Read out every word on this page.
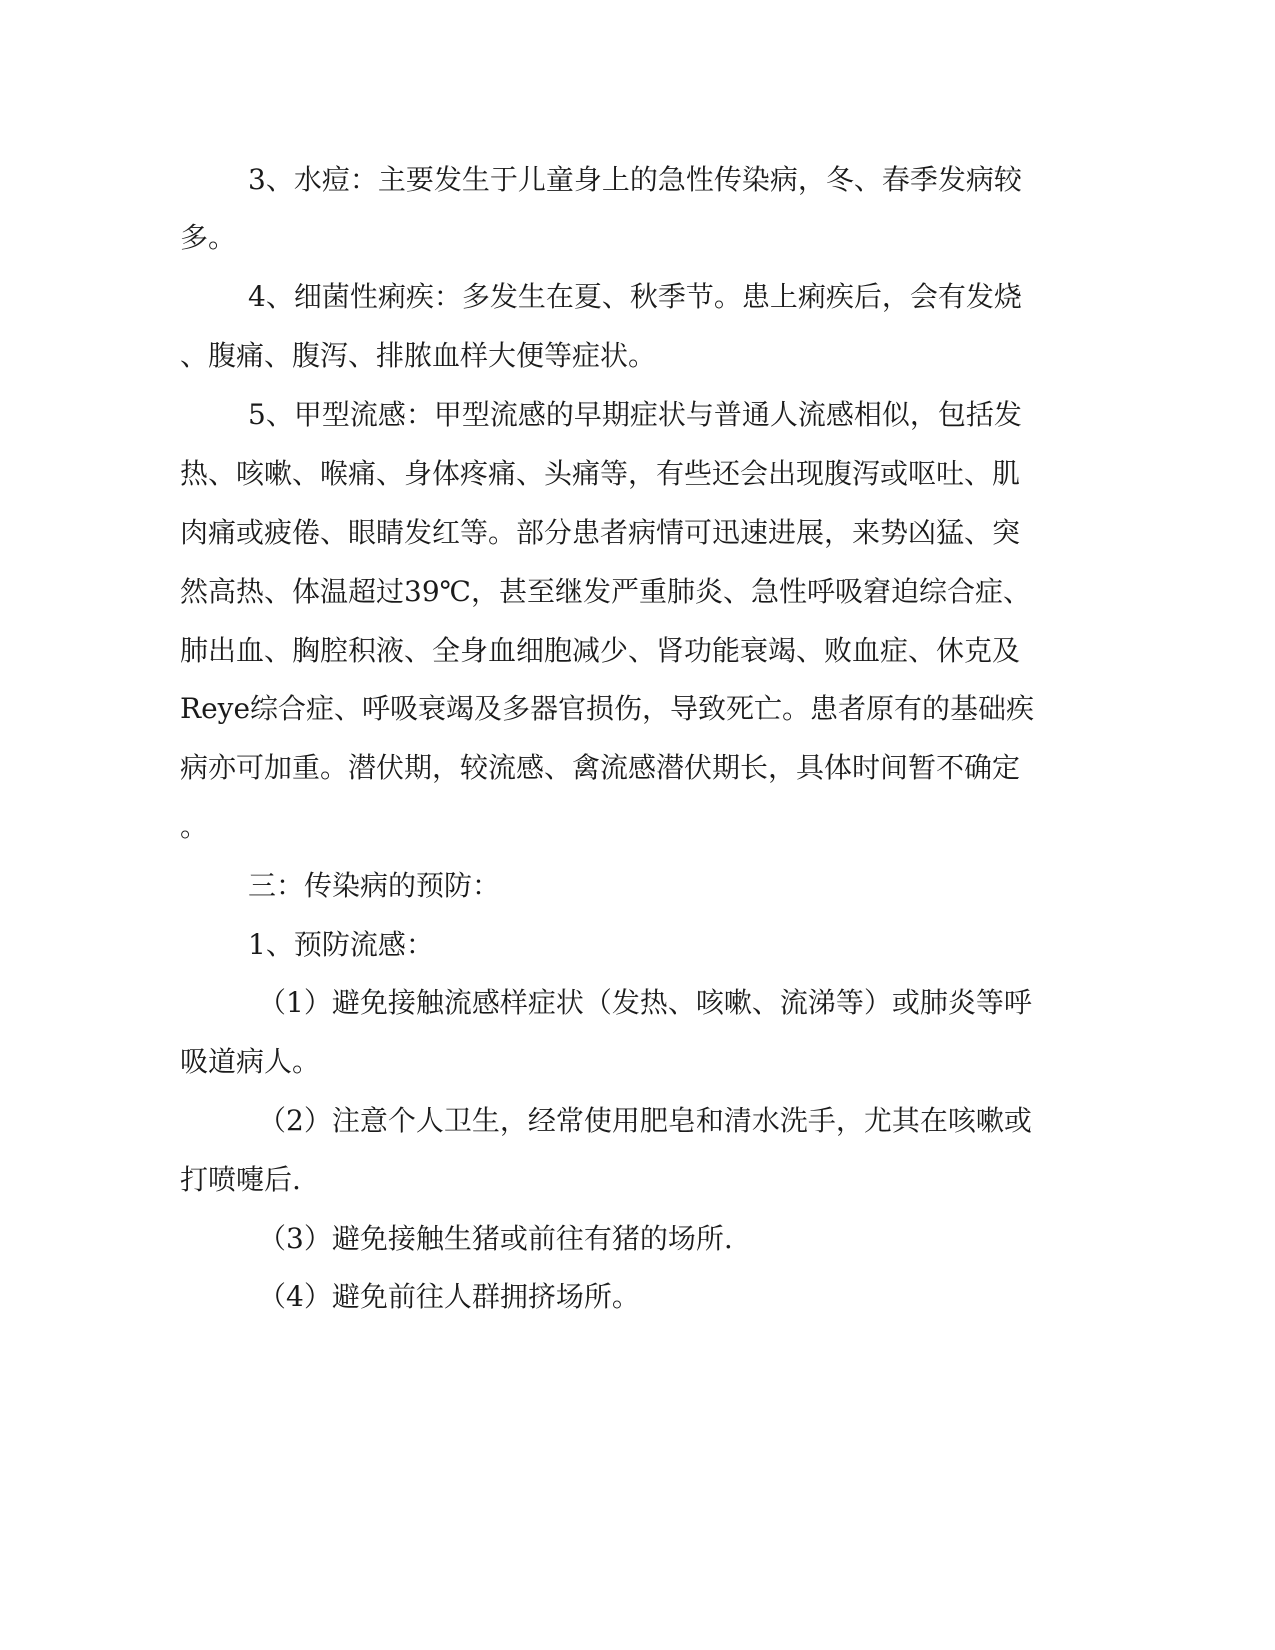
3、水痘：主要发生于儿童身上的急性传染病，冬、春季发病较
多。
4、细菌性痢疾：多发生在夏、秋季节。患上痢疾后，会有发烧
、腹痛、腹泻、排脓血样大便等症状。
5、甲型流感：甲型流感的早期症状与普通人流感相似，包括发
热、咳嗽、喉痛、身体疼痛、头痛等，有些还会出现腹泻或呕吐、肌
肉痛或疲倦、眼睛发红等。部分患者病情可迅速进展，来势凶猛、突
然高热、体温超过39℃，甚至继发严重肺炎、急性呼吸窘迫综合症、
肺出血、胸腔积液、全身血细胞减少、肾功能衰竭、败血症、休克及
Reye综合症、呼吸衰竭及多器官损伤，导致死亡。患者原有的基础疾
病亦可加重。潜伏期，较流感、禽流感潜伏期长，具体时间暂不确定
。
三：传染病的预防：
1、预防流感：
（1）避免接触流感样症状（发热、咳嗽、流涕等）或肺炎等呼
吸道病人。
（2）注意个人卫生，经常使用肥皂和清水洗手，尤其在咳嗽或
打喷嚏后.
（3）避免接触生猪或前往有猪的场所.
（4）避免前往人群拥挤场所。
